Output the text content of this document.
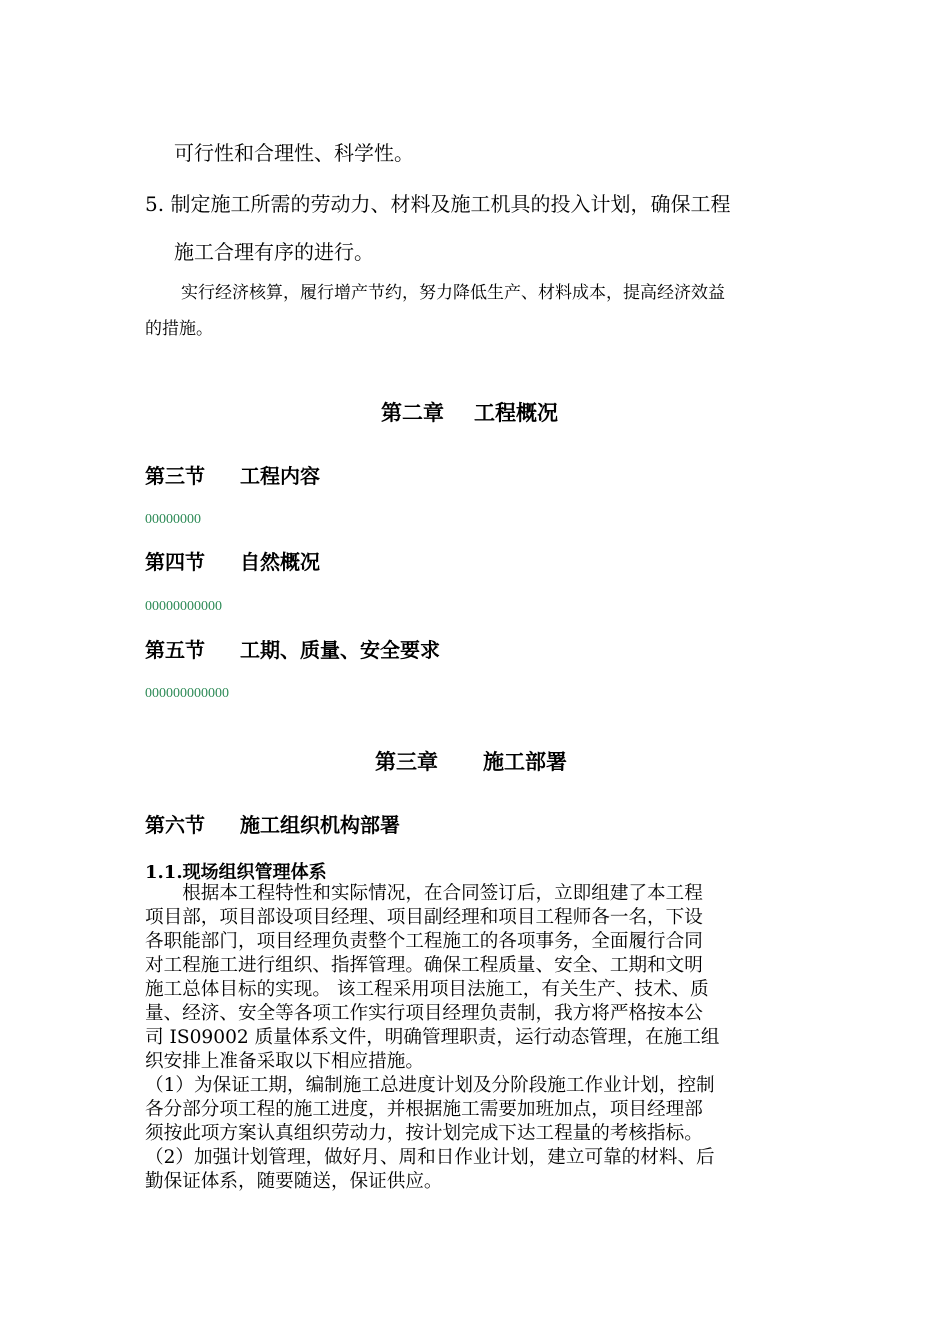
可行性和合理性、科学性。
5. 制定施工所需的劳动力、材料及施工机具的投入计划，确保工程
施工合理有序的进行。
实行经济核算，履行增产节约，努力降低生产、材料成本，提高经济效益
的措施。
第二章 工程概况
第三节 工程内容
00000000
第四节 自然概况
00000000000
第五节 工期、质量、安全要求
000000000000
第三章 施工部署
第六节 施工组织机构部署
1.1.现场组织管理体系
　　根据本工程特性和实际情况，在合同签订后，立即组建了本工程
项目部，项目部设项目经理、项目副经理和项目工程师各一名，下设
各职能部门，项目经理负责整个工程施工的各项事务，全面履行合同
对工程施工进行组织、指挥管理。确保工程质量、安全、工期和文明
施工总体目标的实现。 该工程采用项目法施工，有关生产、技术、质
量、经济、安全等各项工作实行项目经理负责制，我方将严格按本公
司 IS09002 质量体系文件，明确管理职责，运行动态管理，在施工组
织安排上准备采取以下相应措施。
（1）为保证工期，编制施工总进度计划及分阶段施工作业计划，控制
各分部分项工程的施工进度，并根据施工需要加班加点，项目经理部
须按此项方案认真组织劳动力，按计划完成下达工程量的考核指标。
（2）加强计划管理，做好月、周和日作业计划，建立可靠的材料、后
勤保证体系，随要随送，保证供应。
